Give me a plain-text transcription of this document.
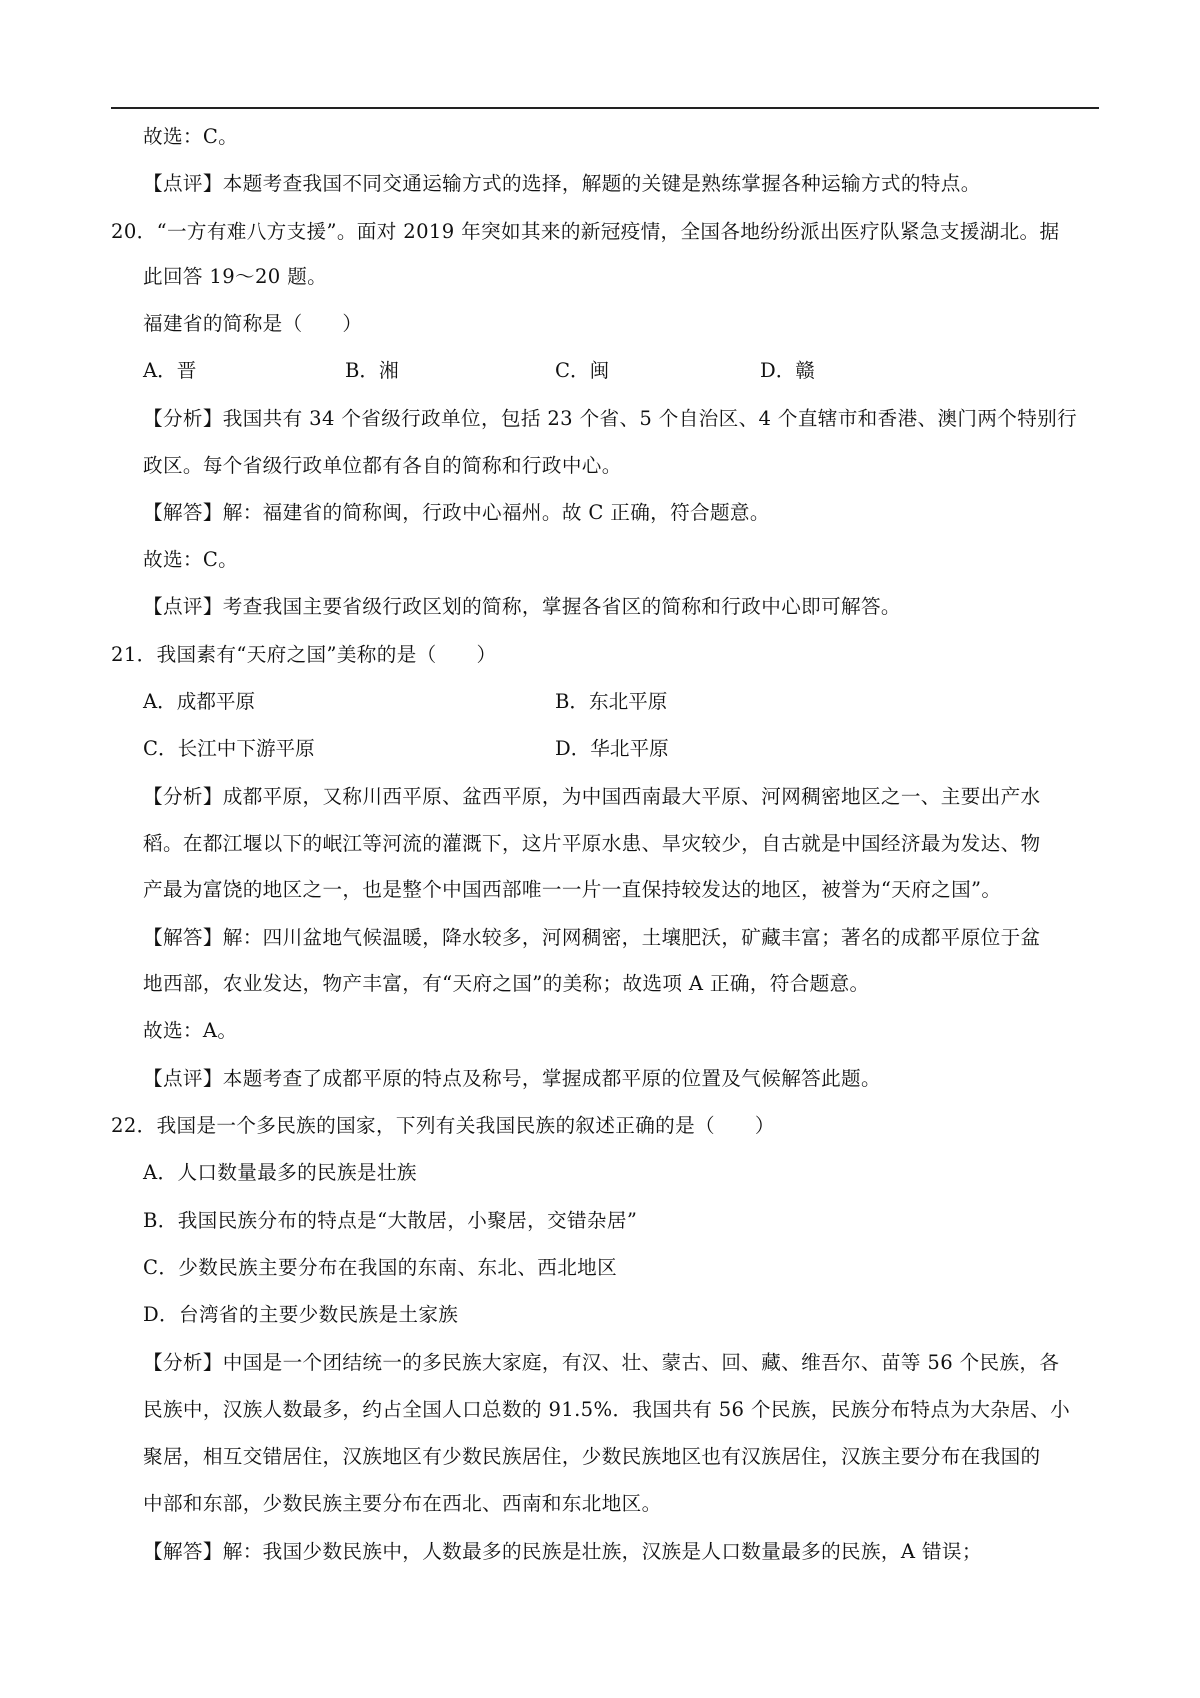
故选：C。

【点评】本题考查我国不同交通运输方式的选择，解题的关键是熟练掌握各种运输方式的特点。

20．“一方有难八方支援”。面对 2019 年突如其来的新冠疫情，全国各地纷纷派出医疗队紧急支援湖北。据

此回答 19～20 题。

福建省的简称是（　　）

A．晋	B．湘	C．闽	D．赣

【分析】我国共有 34 个省级行政单位，包括 23 个省、5 个自治区、4 个直辖市和香港、澳门两个特别行

政区。每个省级行政单位都有各自的简称和行政中心。

【解答】解：福建省的简称闽，行政中心福州。故 C 正确，符合题意。

故选：C。

【点评】考查我国主要省级行政区划的简称，掌握各省区的简称和行政中心即可解答。

21．我国素有“天府之国”美称的是（　　）

A．成都平原	B．东北平原
C．长江中下游平原	D．华北平原

【分析】成都平原，又称川西平原、盆西平原，为中国西南最大平原、河网稠密地区之一、主要出产水

稻。在都江堰以下的岷江等河流的灌溉下，这片平原水患、旱灾较少，自古就是中国经济最为发达、物

产最为富饶的地区之一，也是整个中国西部唯一一片一直保持较发达的地区，被誉为“天府之国”。

【解答】解：四川盆地气候温暖，降水较多，河网稠密，土壤肥沃，矿藏丰富；著名的成都平原位于盆

地西部，农业发达，物产丰富，有“天府之国”的美称；故选项 A 正确，符合题意。

故选：A。

【点评】本题考查了成都平原的特点及称号，掌握成都平原的位置及气候解答此题。

22．我国是一个多民族的国家，下列有关我国民族的叙述正确的是（　　）

A．人口数量最多的民族是壮族

B．我国民族分布的特点是“大散居，小聚居，交错杂居”

C．少数民族主要分布在我国的东南、东北、西北地区

D．台湾省的主要少数民族是土家族

【分析】中国是一个团结统一的多民族大家庭，有汉、壮、蒙古、回、藏、维吾尔、苗等 56 个民族，各

民族中，汉族人数最多，约占全国人口总数的 91.5%．我国共有 56 个民族，民族分布特点为大杂居、小

聚居，相互交错居住，汉族地区有少数民族居住，少数民族地区也有汉族居住，汉族主要分布在我国的

中部和东部，少数民族主要分布在西北、西南和东北地区。

【解答】解：我国少数民族中，人数最多的民族是壮族，汉族是人口数量最多的民族，A 错误；
